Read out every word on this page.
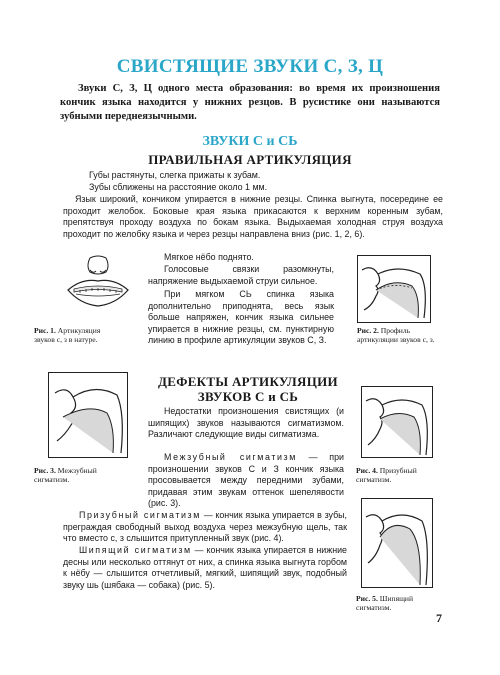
СВИСТЯЩИЕ ЗВУКИ С, З, Ц

Звуки С, З, Ц одного места образования: во время их произношения кончик языка находится у нижних резцов. В русистике они называются зубными переднеязычными.

ЗВУКИ С и СЬ
ПРАВИЛЬНАЯ АРТИКУЛЯЦИЯ

Губы растянуты, слегка прижаты к зубам.

Зубы сближены на расстояние около 1 мм.

Язык широкий, кончиком упирается в нижние резцы. Спинка выгнута, посередине ее проходит желобок. Боковые края языка прикасаются к верхним коренным зубам, препятствуя проходу воздуха по бокам языка. Выдыхаемая холодная струя воздуха проходит по желобку языка и через резцы направлена вниз (рис. 1, 2, 6).

Рис. 1. Артикуляция звуков с, з в натуре.
Рис. 2. Профиль артикуляции звуков с, з.

Мягкое нёбо поднято.

Голосовые связки разомкнуты, напряжение выдыхаемой струи сильное.

При мягком СЬ спинка языка дополнительно приподнята, весь язык больше напряжен, кончик языка сильнее упирается в нижние резцы, см. пунктирную линию в профиле артикуляции звуков С, З.

ДЕФЕКТЫ АРТИКУЛЯЦИИ ЗВУКОВ С и СЬ
Рис. 3. Межзубный сигматизм.
Рис. 4. Призубный сигматизм.
Рис. 5. Шипящий сигматизм.

Недостатки произношения свистящих (и шипящих) звуков называются сигматизмом. Различают следующие виды сигматизма.

Межзубный сигматизм — при произношении звуков С и З кончик языка просовывается между передними зубами, придавая этим звукам оттенок шепелявости (рис. 3).

Призубный сигматизм — кончик языка упирается в зубы, преграждая свободный выход воздуха через межзубную щель, так что вместо с, з слышится притупленный звук (рис. 4).

Шипящий сигматизм — кончик языка упирается в нижние десны или несколько оттянут от них, а спинка языка выгнута горбом к нёбу — слышится отчетливый, мягкий, шипящий звук, подобный звуку шь (шябака — собака) (рис. 5).

7
